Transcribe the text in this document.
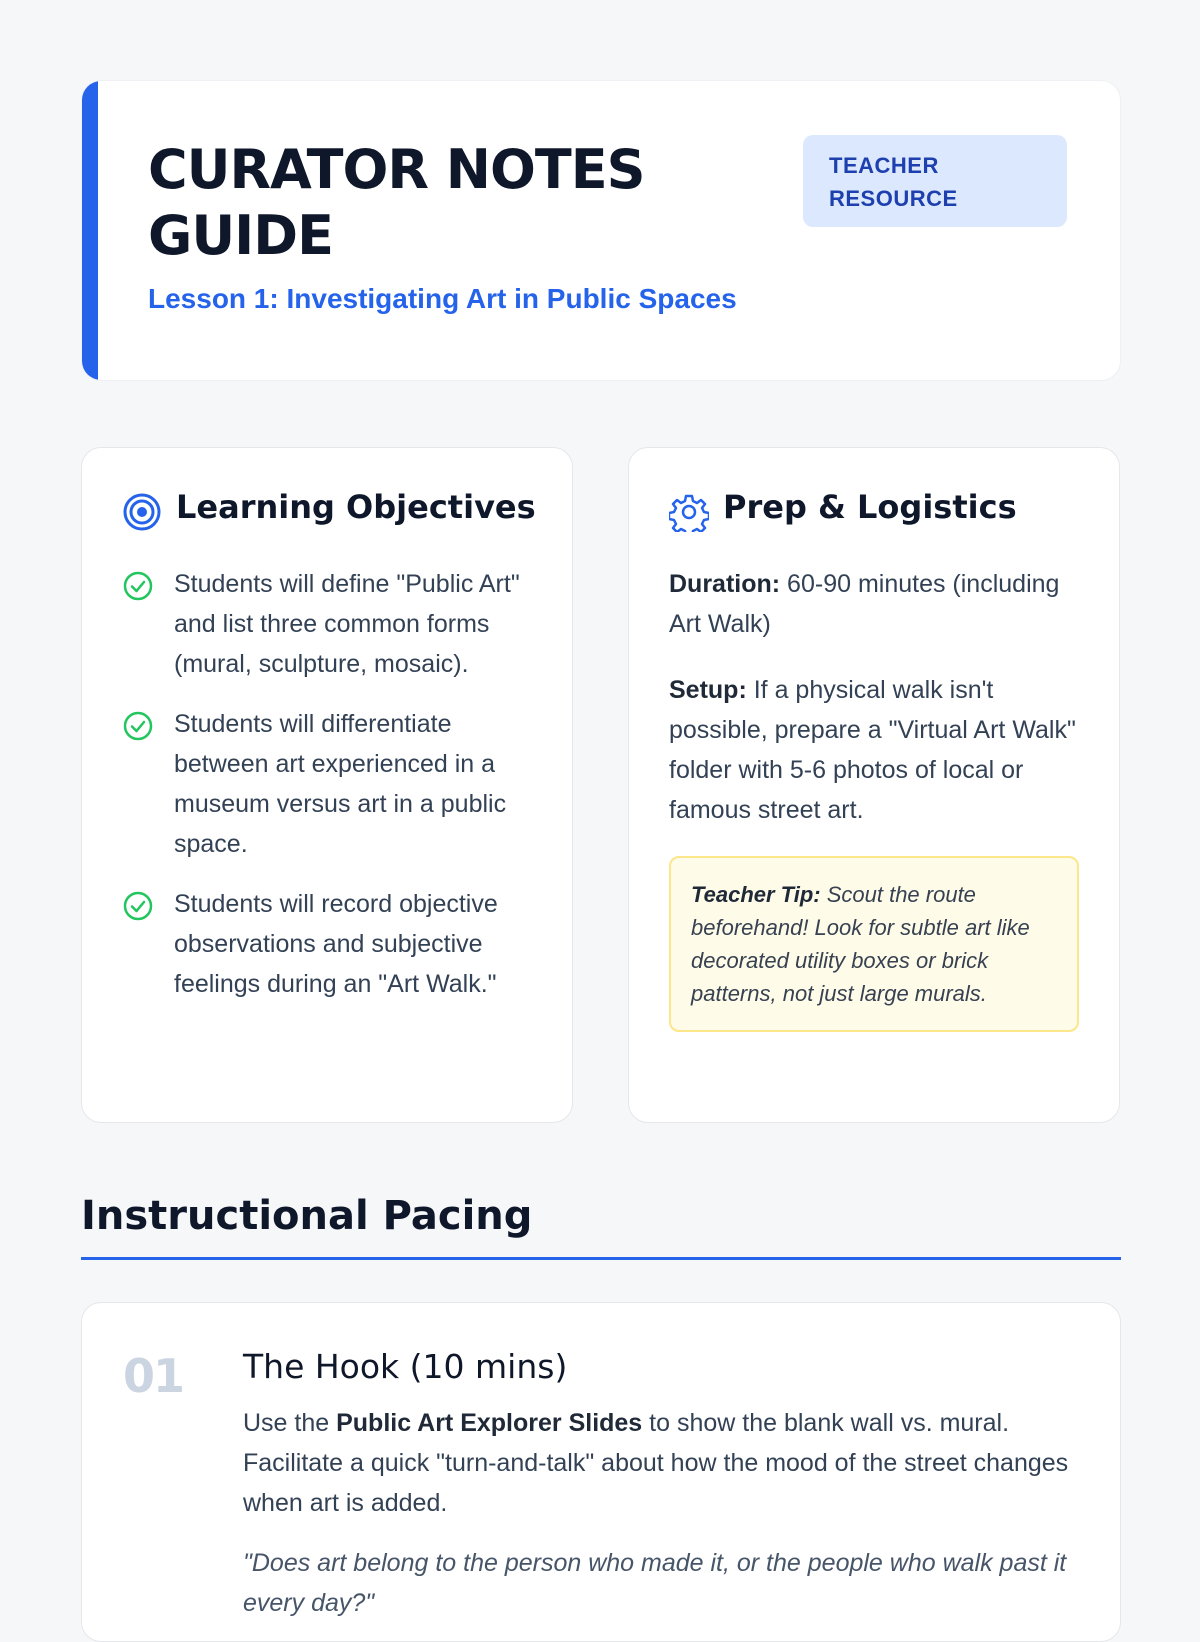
CURATOR NOTES GUIDE
TEACHER
RESOURCE

Lesson 1: Investigating Art in Public Spaces

Learning Objectives
Students will define "Public Art" and list three common forms (mural, sculpture, mosaic).
Students will differentiate between art experienced in a museum versus art in a public space.
Students will record objective observations and subjective feelings during an "Art Walk."
Prep & Logistics

Duration: 60-90 minutes (including Art Walk)

Setup: If a physical walk isn't possible, prepare a "Virtual Art Walk" folder with 5-6 photos of local or famous street art.

Teacher Tip: Scout the route beforehand! Look for subtle art like decorated utility boxes or brick patterns, not just large murals.
Instructional Pacing
01 The Hook (10 mins)

Use the Public Art Explorer Slides to show the blank wall vs. mural. Facilitate a quick "turn-and-talk" about how the mood of the street changes when art is added.

"Does art belong to the person who made it, or the people who walk past it every day?"
